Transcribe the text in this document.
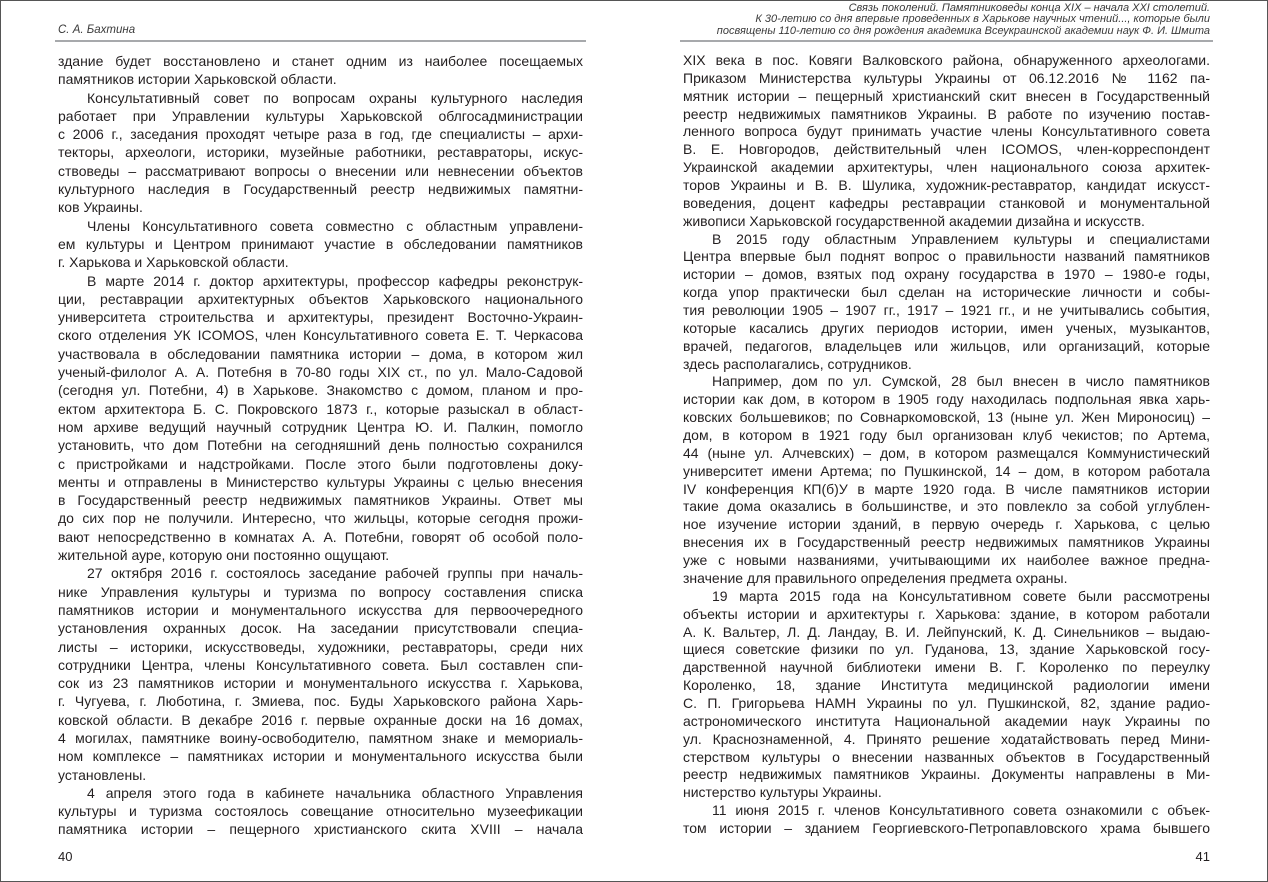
С. А. Бахтина
здание будет восстановлено и станет одним из наиболее посещаемых
памятников истории Харьковской области.
Консультативный совет по вопросам охраны культурного наследия
работает при Управлении культуры Харьковской облгосадминистрации
с 2006 г., заседания проходят четыре раза в год, где специалисты – архи-
текторы, археологи, историки, музейные работники, реставраторы, искус-
ствоведы – рассматривают вопросы о внесении или невнесении объектов
культурного наследия в Государственный реестр недвижимых памятни-
ков Украины.
Члены Консультативного совета совместно с областным управлени-
ем культуры и Центром принимают участие в обследовании памятников
г. Харькова и Харьковской области.
В марте 2014 г. доктор архитектуры, профессор кафедры реконструк-
ции, реставрации архитектурных объектов Харьковского национального
университета строительства и архитектуры, президент Восточно-Украин-
ского отделения УК ICOMOS, член Консультативного совета Е. Т. Черкасова
участвовала в обследовании памятника истории – дома, в котором жил
ученый-филолог А. А. Потебня в 70-80 годы XIX ст., по ул. Мало-Садовой
(сегодня ул. Потебни, 4) в Харькове. Знакомство с домом, планом и про-
ектом архитектора Б. С. Покровского 1873 г., которые разыскал в област-
ном архиве ведущий научный сотрудник Центра Ю. И. Палкин, помогло
установить, что дом Потебни на сегодняшний день полностью сохранился
с пристройками и надстройками. После этого были подготовлены доку-
менты и отправлены в Министерство культуры Украины с целью внесения
в Государственный реестр недвижимых памятников Украины. Ответ мы
до сих пор не получили. Интересно, что жильцы, которые сегодня прожи-
вают непосредственно в комнатах А. А. Потебни, говорят об особой поло-
жительной ауре, которую они постоянно ощущают.
27 октября 2016 г. состоялось заседание рабочей группы при началь-
нике Управления культуры и туризма по вопросу составления списка
памятников истории и монументального искусства для первоочередного
установления охранных досок. На заседании присутствовали специа-
листы – историки, искусствоведы, художники, реставраторы, среди них
сотрудники Центра, члены Консультативного совета. Был составлен спи-
сок из 23 памятников истории и монументального искусства г. Харькова,
г. Чугуева, г. Люботина, г. Змиева, пос. Буды Харьковского района Харь-
ковской области. В декабре 2016 г. первые охранные доски на 16 домах,
4 могилах, памятнике воину-освободителю, памятном знаке и мемориаль-
ном комплексе – памятниках истории и монументального искусства были
установлены.
4 апреля этого года в кабинете начальника областного Управления
культуры и туризма состоялось совещание относительно музеефикации
памятника истории – пещерного христианского скита XVIII – начала
40
Связь поколений. Памятниковеды конца XIX – начала XXI столетий.
К 30-летию со дня впервые проведенных в Харькове научных чтений..., которые были
посвящены 110-летию со дня рождения академика Всеукраинской академии наук Ф. И. Шмита
XIX века в пос. Ковяги Валковского района, обнаруженного археологами.
Приказом Министерства культуры Украины от 06.12.2016 № 1162 па-
мятник истории – пещерный христианский скит внесен в Государственный
реестр недвижимых памятников Украины. В работе по изучению постав-
ленного вопроса будут принимать участие члены Консультативного совета
В. Е. Новгородов, действительный член ICOMOS, член-корреспондент
Украинской академии архитектуры, член национального союза архитек-
торов Украины и В. В. Шулика, художник-реставратор, кандидат искусст-
воведения, доцент кафедры реставрации станковой и монументальной
живописи Харьковской государственной академии дизайна и искусств.
В 2015 году областным Управлением культуры и специалистами
Центра впервые был поднят вопрос о правильности названий памятников
истории – домов, взятых под охрану государства в 1970 – 1980-е годы,
когда упор практически был сделан на исторические личности и собы-
тия революции 1905 – 1907 гг., 1917 – 1921 гг., и не учитывались события,
которые касались других периодов истории, имен ученых, музыкантов,
врачей, педагогов, владельцев или жильцов, или организаций, которые
здесь располагались, сотрудников.
Например, дом по ул. Сумской, 28 был внесен в число памятников
истории как дом, в котором в 1905 году находилась подпольная явка харь-
ковских большевиков; по Совнаркомовской, 13 (ныне ул. Жен Мироносиц) –
дом, в котором в 1921 году был организован клуб чекистов; по Артема,
44 (ныне ул. Алчевских) – дом, в котором размещался Коммунистический
университет имени Артема; по Пушкинской, 14 – дом, в котором работала
IV конференция КП(б)У в марте 1920 года. В числе памятников истории
такие дома оказались в большинстве, и это повлекло за собой углублен-
ное изучение истории зданий, в первую очередь г. Харькова, с целью
внесения их в Государственный реестр недвижимых памятников Украины
уже с новыми названиями, учитывающими их наиболее важное предна-
значение для правильного определения предмета охраны.
19 марта 2015 года на Консультативном совете были рассмотрены
объекты истории и архитектуры г. Харькова: здание, в котором работали
А. К. Вальтер, Л. Д. Ландау, В. И. Лейпунский, К. Д. Синельников – выдаю-
щиеся советские физики по ул. Гуданова, 13, здание Харьковской госу-
дарственной научной библиотеки имени В. Г. Короленко по переулку
Короленко, 18, здание Института медицинской радиологии имени
С. П. Григорьева НАМН Украины по ул. Пушкинской, 82, здание радио-
астрономического института Национальной академии наук Украины по
ул. Краснознаменной, 4. Принято решение ходатайствовать перед Мини-
стерством культуры о внесении названных объектов в Государственный
реестр недвижимых памятников Украины. Документы направлены в Ми-
нистерство культуры Украины.
11 июня 2015 г. членов Консультативного совета ознакомили с объек-
том истории – зданием Георгиевского-Петропавловского храма бывшего
41
